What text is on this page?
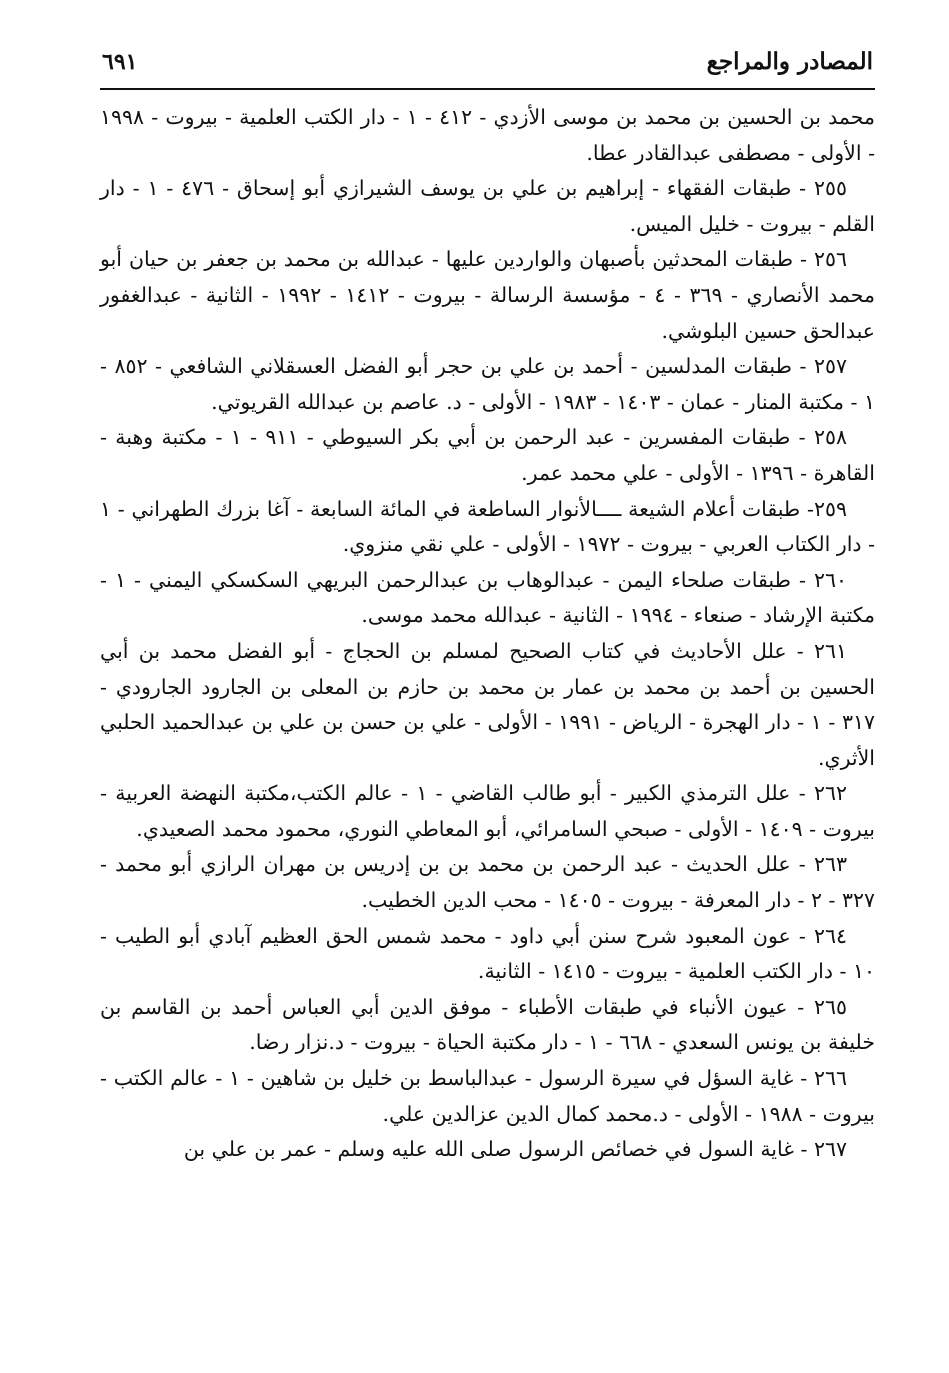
المصادر والمراجع
٦٩١

محمد بن الحسين بن محمد بن موسى الأزدي - ٤١٢ - ١ - دار الكتب العلمية - بيروت - ١٩٩٨ - الأولى - مصطفى عبدالقادر عطا.

٢٥٥ - طبقات الفقهاء - إبراهيم بن علي بن يوسف الشيرازي أبو إسحاق - ٤٧٦ - ١ - دار القلم - بيروت - خليل الميس.

٢٥٦ - طبقات المحدثين بأصبهان والواردين عليها - عبدالله بن محمد بن جعفر بن حيان أبو محمد الأنصاري - ٣٦٩ - ٤ - مؤسسة الرسالة - بيروت - ١٤١٢ - ١٩٩٢ - الثانية - عبدالغفور عبدالحق حسين البلوشي.

٢٥٧ - طبقات المدلسين - أحمد بن علي بن حجر أبو الفضل العسقلاني الشافعي - ٨٥٢ - ١ - مكتبة المنار - عمان - ١٤٠٣ - ١٩٨٣ - الأولى - د. عاصم بن عبدالله القريوتي.

٢٥٨ - طبقات المفسرين - عبد الرحمن بن أبي بكر السيوطي - ٩١١ - ١ - مكتبة وهبة - القاهرة - ١٣٩٦ - الأولى - علي محمد عمر.

٢٥٩- طبقات أعلام الشيعة ــــالأنوار الساطعة في المائة السابعة - آغا بزرك الطهراني - ١ - دار الكتاب العربي - بيروت - ١٩٧٢ - الأولى - علي نقي منزوي.

٢٦٠ - طبقات صلحاء اليمن - عبدالوهاب بن عبدالرحمن البريهي السكسكي اليمني - ١ - مكتبة الإرشاد - صنعاء - ١٩٩٤ - الثانية - عبدالله محمد موسى.

٢٦١ - علل الأحاديث في كتاب الصحيح لمسلم بن الحجاج - أبو الفضل محمد بن أبي الحسين بن أحمد بن محمد بن عمار بن محمد بن حازم بن المعلى بن الجارود الجارودي - ٣١٧ - ١ - دار الهجرة - الرياض - ١٩٩١ - الأولى - علي بن حسن بن علي بن عبدالحميد الحلبي الأثري.

٢٦٢ - علل الترمذي الكبير - أبو طالب القاضي - ١ - عالم الكتب،مكتبة النهضة العربية - بيروت - ١٤٠٩ - الأولى - صبحي السامرائي، أبو المعاطي النوري، محمود محمد الصعيدي.

٢٦٣ - علل الحديث - عبد الرحمن بن محمد بن بن إدريس بن مهران الرازي أبو محمد - ٣٢٧ - ٢ - دار المعرفة - بيروت - ١٤٠٥ - محب الدين الخطيب.

٢٦٤ - عون المعبود شرح سنن أبي داود - محمد شمس الحق العظيم آبادي أبو الطيب - ١٠ - دار الكتب العلمية - بيروت - ١٤١٥ - الثانية.

٢٦٥ - عيون الأنباء في طبقات الأطباء - موفق الدين أبي العباس أحمد بن القاسم بن خليفة بن يونس السعدي - ٦٦٨ - ١ - دار مكتبة الحياة - بيروت - د.نزار رضا.

٢٦٦ - غاية السؤل في سيرة الرسول - عبدالباسط بن خليل بن شاهين - ١ - عالم الكتب - بيروت - ١٩٨٨ - الأولى - د.محمد كمال الدين عزالدين علي.

٢٦٧ - غاية السول في خصائص الرسول صلى الله عليه وسلم - عمر بن علي بن
